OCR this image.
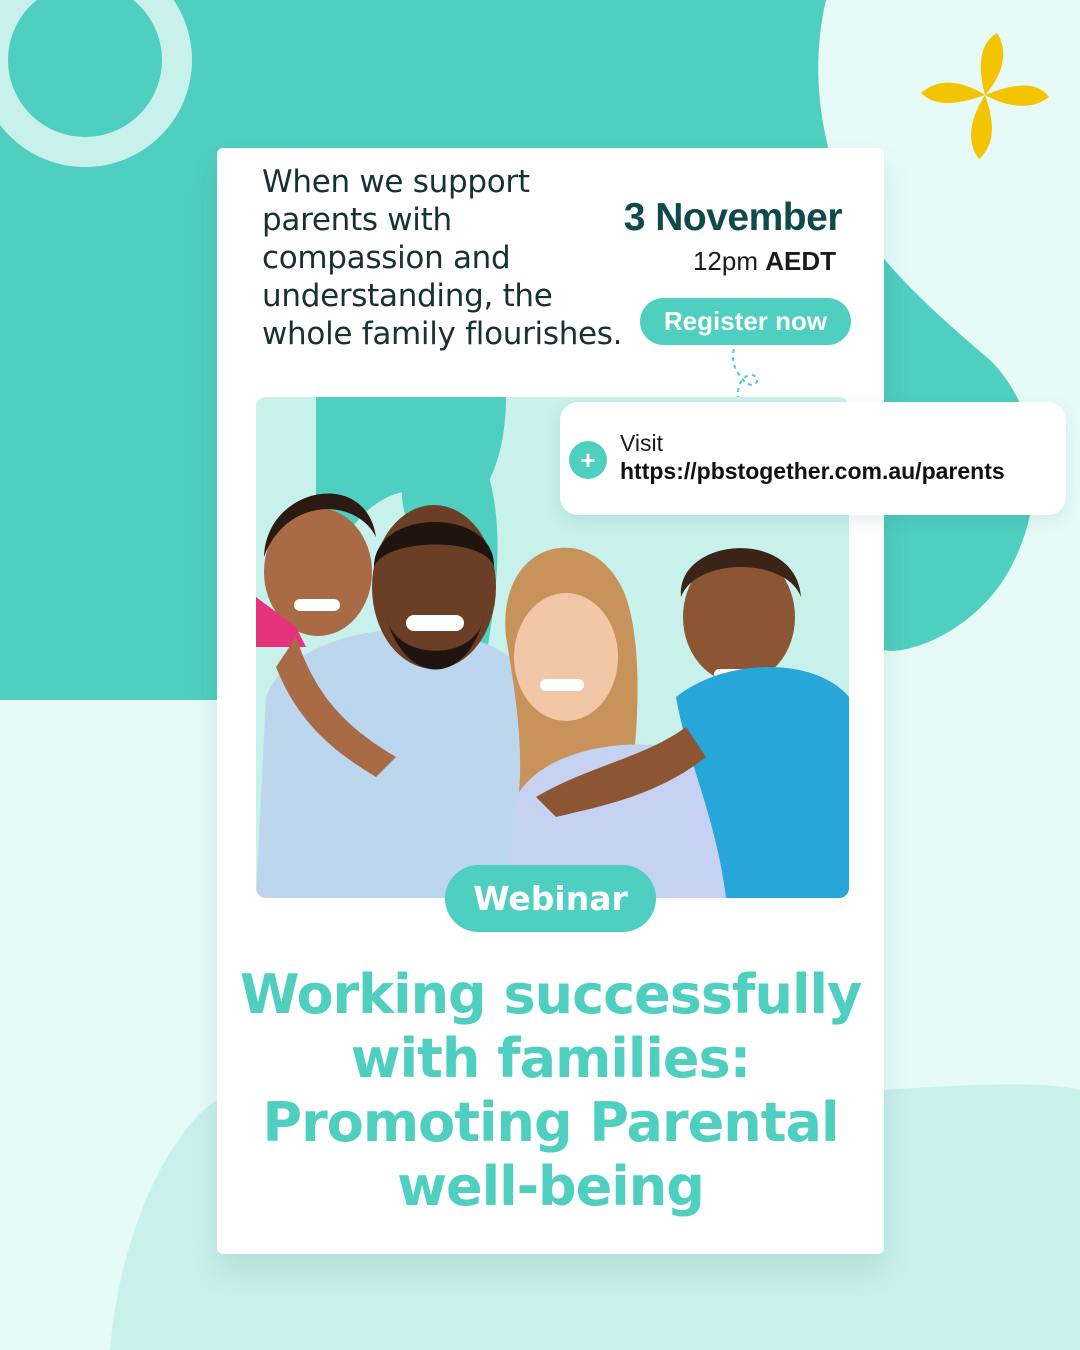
When we support parents with compassion and understanding, the whole family flourishes.

3 November
12pm AEDT
Register now
+
Visit
https://pbstogether.com.au/parents
Webinar
Working successfully with families: Promoting Parental well-being
